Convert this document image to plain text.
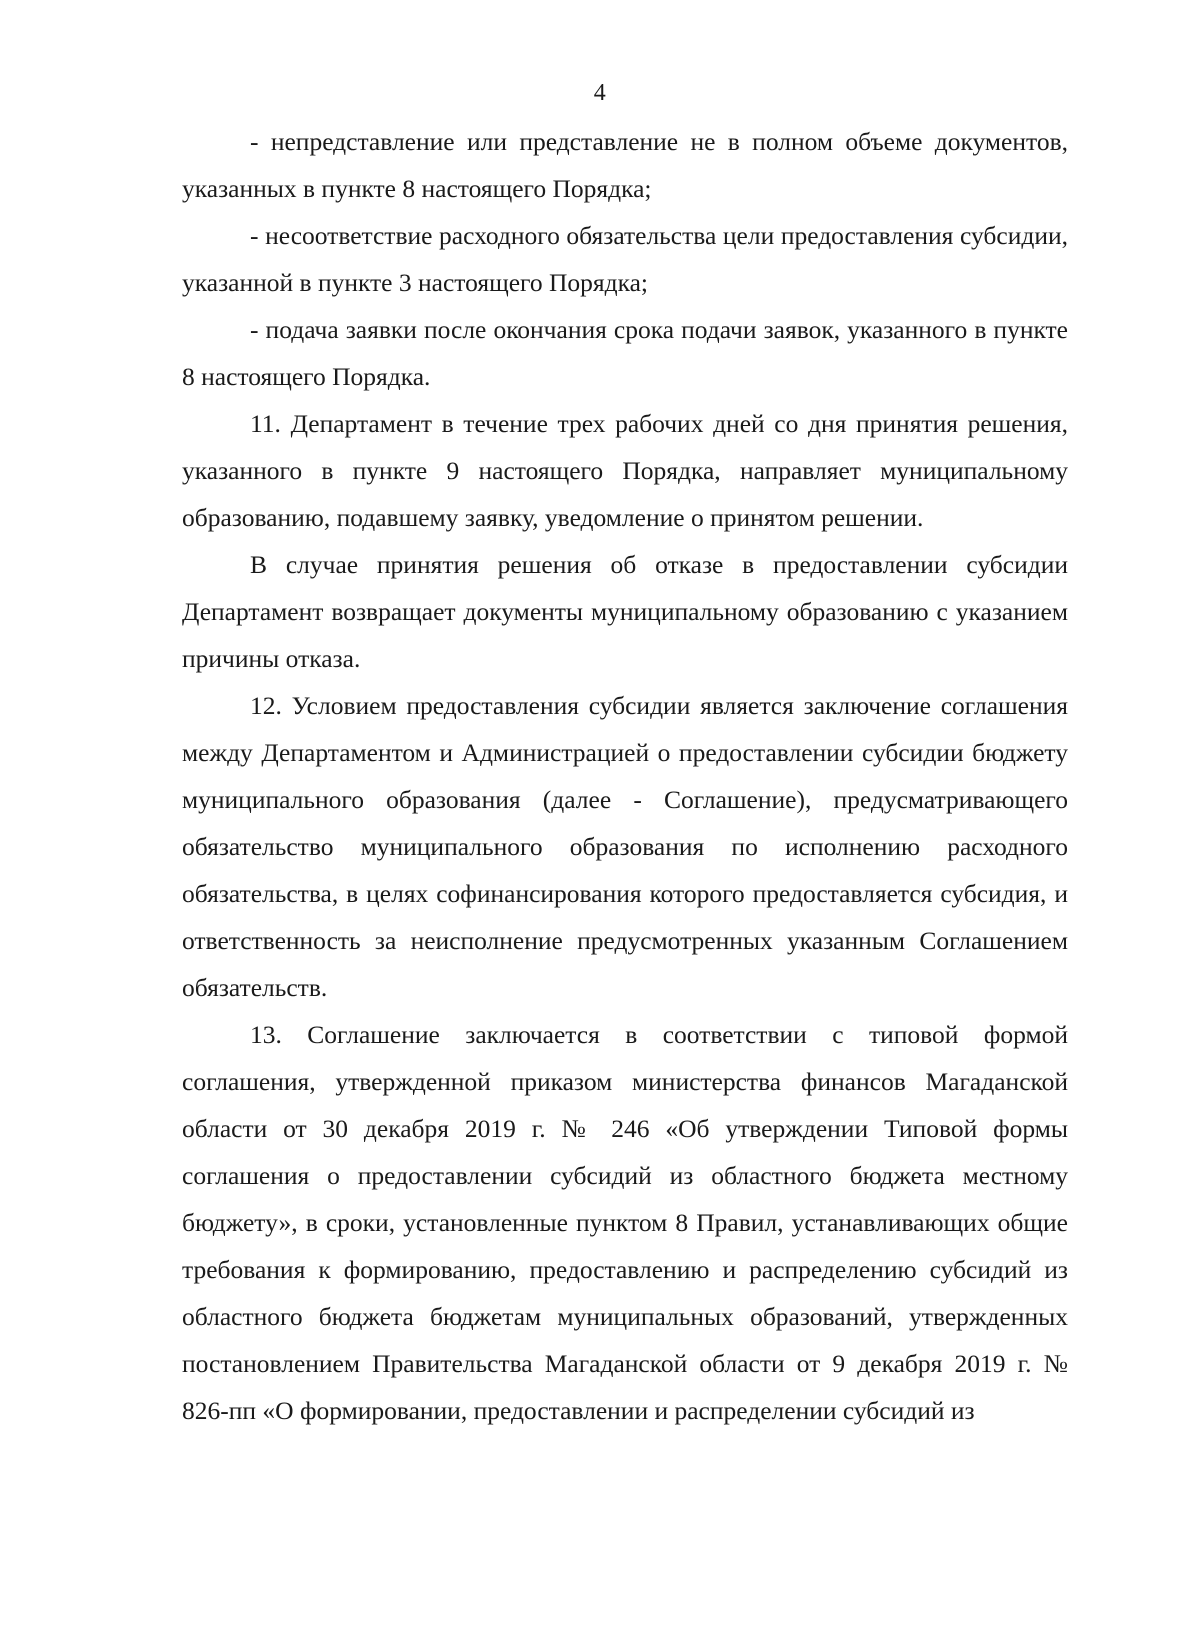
4

- непредставление или представление не в полном объеме документов, указанных в пункте 8 настоящего Порядка;

- несоответствие расходного обязательства цели предоставления субсидии, указанной в пункте 3 настоящего Порядка;

- подача заявки после окончания срока подачи заявок, указанного в пункте 8 настоящего Порядка.

11. Департамент в течение трех рабочих дней со дня принятия решения, указанного в пункте 9 настоящего Порядка, направляет муниципальному образованию, подавшему заявку, уведомление о принятом решении.

В случае принятия решения об отказе в предоставлении субсидии Департамент возвращает документы муниципальному образованию с указанием причины отказа.

12. Условием предоставления субсидии является заключение соглашения между Департаментом и Администрацией о предоставлении субсидии бюджету муниципального образования (далее - Соглашение), предусматривающего обязательство муниципального образования по исполнению расходного обязательства, в целях софинансирования которого предоставляется субсидия, и ответственность за неисполнение предусмотренных указанным Соглашением обязательств.

13. Соглашение заключается в соответствии с типовой формой соглашения, утвержденной приказом министерства финансов Магаданской области от 30 декабря 2019 г. № 246 «Об утверждении Типовой формы соглашения о предоставлении субсидий из областного бюджета местному бюджету», в сроки, установленные пунктом 8 Правил, устанавливающих общие требования к формированию, предоставлению и распределению субсидий из областного бюджета бюджетам муниципальных образований, утвержденных постановлением Правительства Магаданской области от 9 декабря 2019 г. № 826-пп «О формировании, предоставлении и распределении субсидий из
